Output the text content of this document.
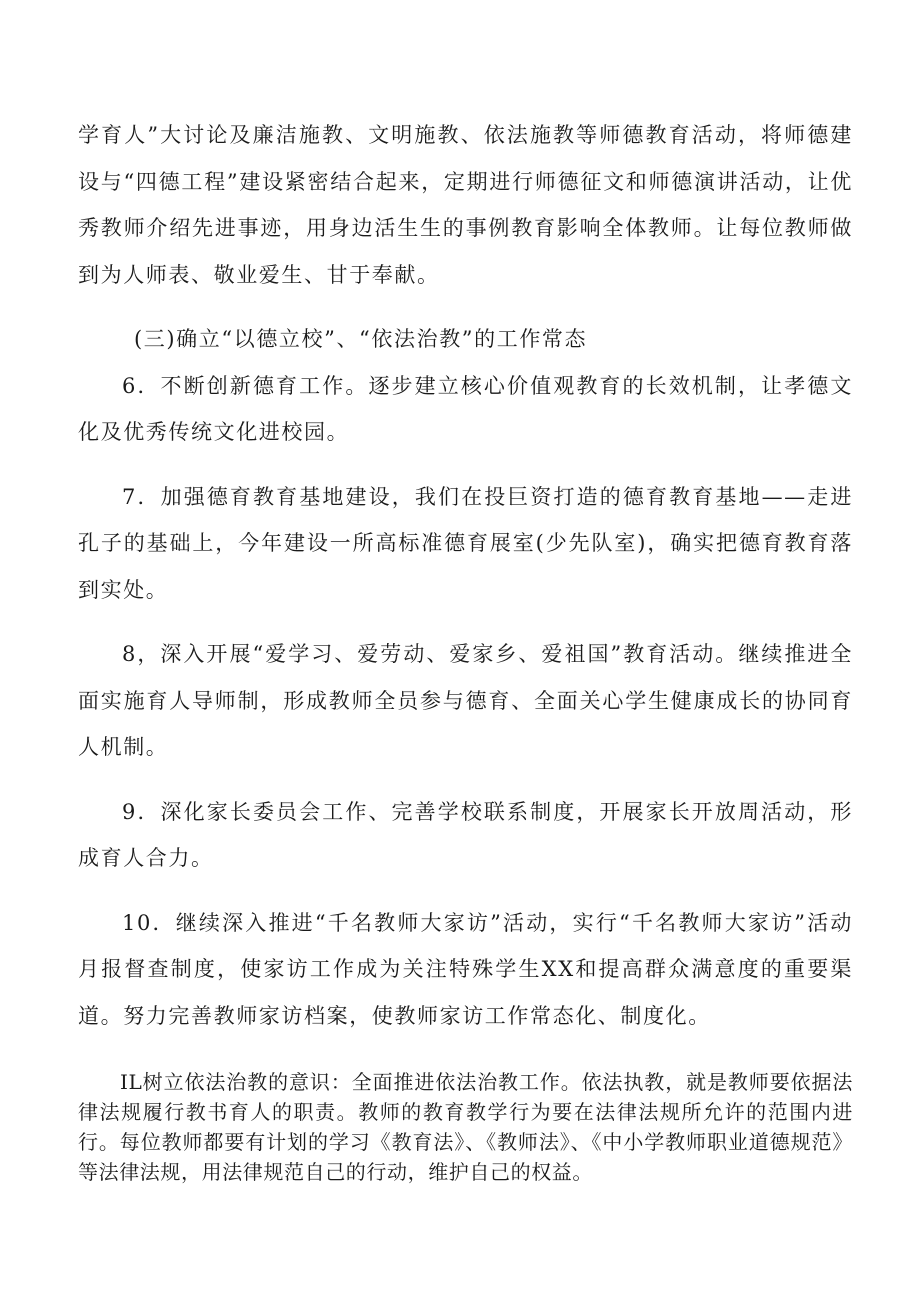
学育人”大讨论及廉洁施教、文明施教、依法施教等师德教育活动，将师德建设与“四德工程”建设紧密结合起来，定期进行师德征文和师德演讲活动，让优秀教师介绍先进事迹，用身边活生生的事例教育影响全体教师。让每位教师做到为人师表、敬业爱生、甘于奉献。

(三)确立“以德立校”、“依法治教”的工作常态

6．不断创新德育工作。逐步建立核心价值观教育的长效机制，让孝德文化及优秀传统文化进校园。

7．加强德育教育基地建设，我们在投巨资打造的德育教育基地——走进孔子的基础上，今年建设一所高标准德育展室(少先队室)，确实把德育教育落到实处。

8，深入开展“爱学习、爱劳动、爱家乡、爱祖国”教育活动。继续推进全面实施育人导师制，形成教师全员参与德育、全面关心学生健康成长的协同育人机制。

9．深化家长委员会工作、完善学校联系制度，开展家长开放周活动，形成育人合力。

10．继续深入推进“千名教师大家访”活动，实行“千名教师大家访”活动月报督查制度，使家访工作成为关注特殊学生XX和提高群众满意度的重要渠道。努力完善教师家访档案，使教师家访工作常态化、制度化。

IL树立依法治教的意识：全面推进依法治教工作。依法执教，就是教师要依据法律法规履行教书育人的职责。教师的教育教学行为要在法律法规所允许的范围内进行。每位教师都要有计划的学习《教育法》、《教师法》、《中小学教师职业道德规范》等法律法规，用法律规范自己的行动，维护自己的权益。
